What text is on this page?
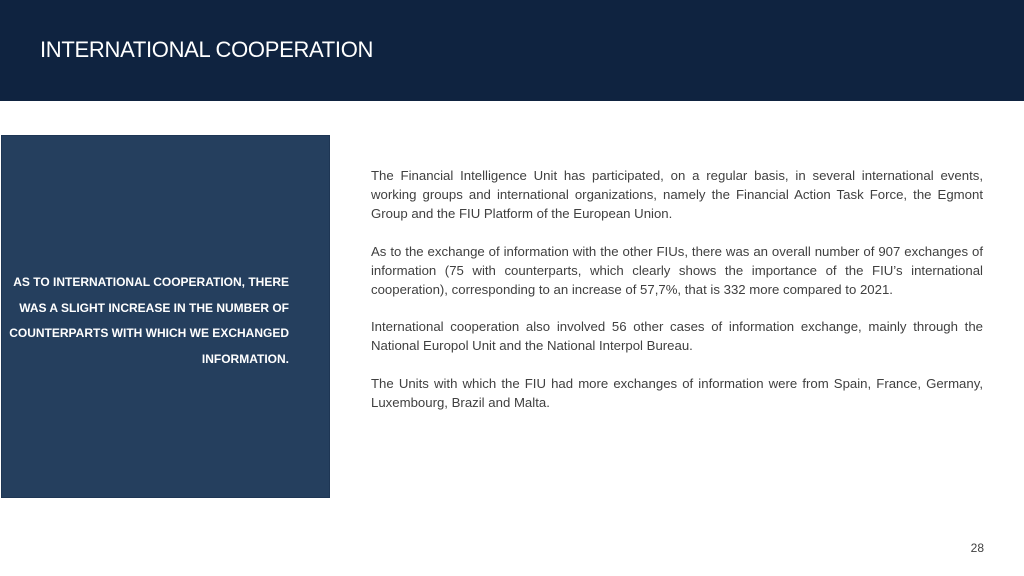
INTERNATIONAL COOPERATION
AS TO INTERNATIONAL COOPERATION, THERE WAS A SLIGHT INCREASE IN THE NUMBER OF COUNTERPARTS WITH WHICH WE EXCHANGED INFORMATION.

The Financial Intelligence Unit has participated, on a regular basis, in several international events, working groups and international organizations, namely the Financial Action Task Force, the Egmont Group and the FIU Platform of the European Union.

As to the exchange of information with the other FIUs, there was an overall number of 907 exchanges of information (75 with counterparts, which clearly shows the importance of the FIU’s international cooperation), corresponding to an increase of 57,7%, that is 332 more compared to 2021.

International cooperation also involved 56 other cases of information exchange, mainly through the National Europol Unit and the National Interpol Bureau.

The Units with which the FIU had more exchanges of information were from Spain, France, Germany, Luxembourg, Brazil and Malta.

28
